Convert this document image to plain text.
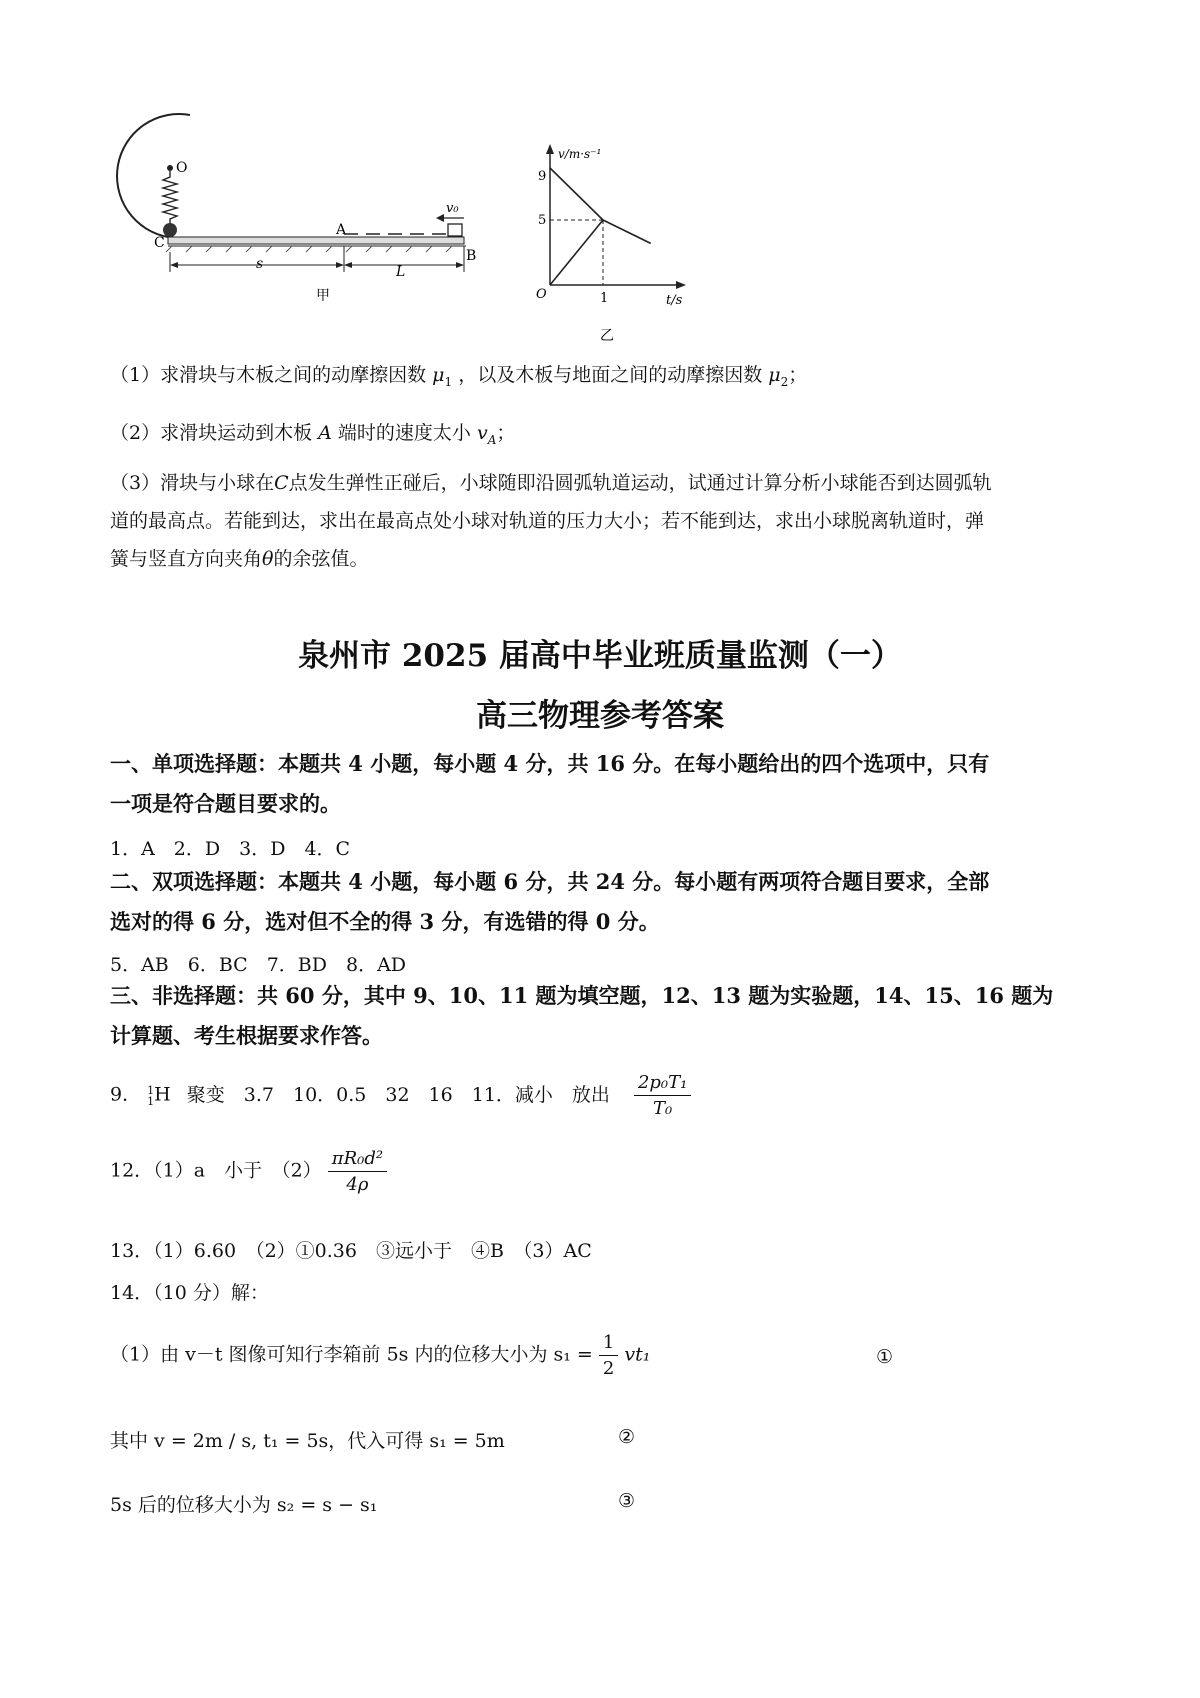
O
C
A
B
v₀
s	L
甲
v/m·s⁻¹
t/s
O
9
5
1
乙
（1）求滑块与木板之间的动摩擦因数 $\mu_1$ ，以及木板与地面之间的动摩擦因数 $\mu_2$；
（2）求滑块运动到木板 A 端时的速度太小 $v_A$；
（3）滑块与小球在C点发生弹性正碰后，小球随即沿圆弧轨道运动，试通过计算分析小球能否到达圆弧轨
道的最高点。若能到达，求出在最高点处小球对轨道的压力大小；若不能到达，求出小球脱离轨道时，弹
簧与竖直方向夹角θ的余弦值。
泉州市 2025 届高中毕业班质量监测（一）
高三物理参考答案
一、单项选择题：本题共 4 小题，每小题 4 分，共 16 分。在每小题给出的四个选项中，只有
一项是符合题目要求的。
1．A　2．D　3．D　4．C
二、双项选择题：本题共 4 小题，每小题 6 分，共 24 分。每小题有两项符合题目要求，全部
选对的得 6 分，选对但不全的得 3 分，有选错的得 0 分。
5．AB　6．BC　7．BD　8．AD
三、非选择题：共 60 分，其中 9、10、11 题为填空题，12、13 题为实验题，14、15、16 题为
计算题、考生根据要求作答。
9． 1
1 H 聚变　3.7　10．0.5　32　16　11．减小　放出 $\frac{\text{2p₀T₁}}{\text{T₀}}$
12．（1）a　小于　$(2) \frac{\text{πR₀d²}}{4\rho}$
13．（1）6.60　（2）①0.36　③远小于　④B　（3）AC
14．（10 分）解：
（1）由 v－t 图像可知行李箱前 5s 内的位移大小为 $s_1 = \frac{1}{2} vt_1$	①
其中 v = 2m / s, t₁ = 5s，代入可得 s₁ = 5m	②
5s 后的位移大小为 s₂ = s − s₁	③
